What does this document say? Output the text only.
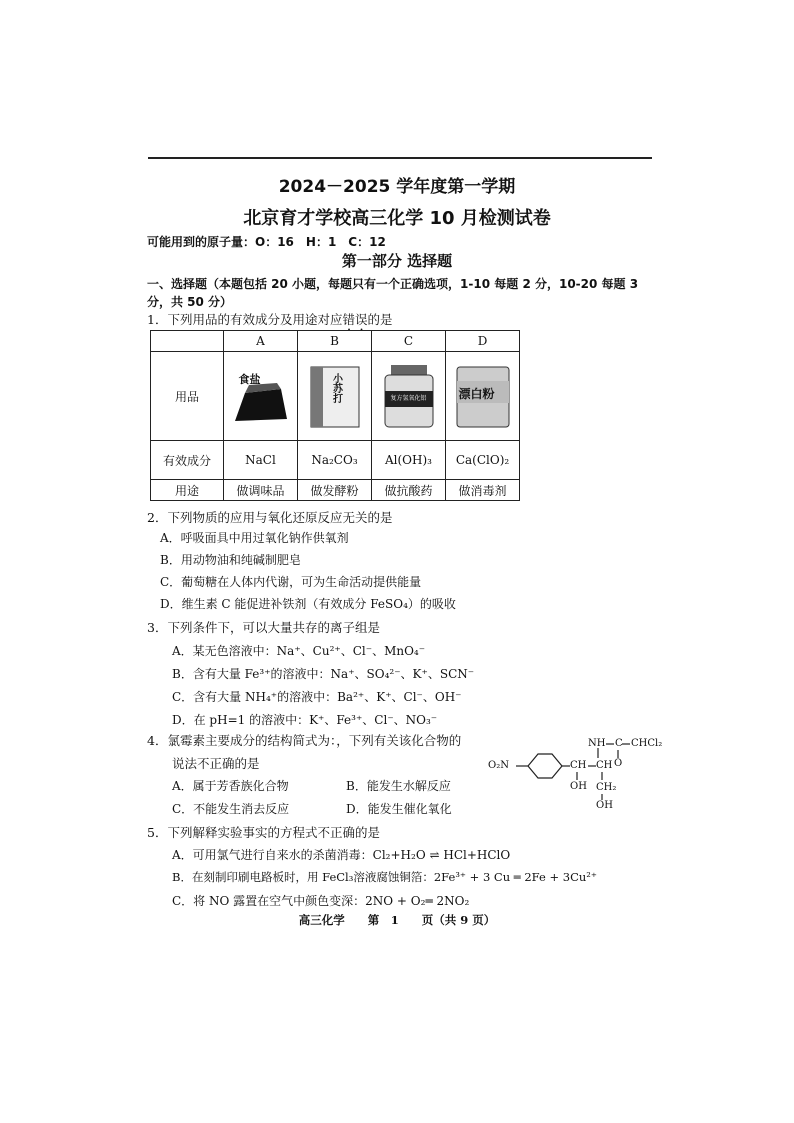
2024－2025 学年度第一学期
北京育才学校高三化学 10 月检测试卷
可能用到的原子量：O：16　H：1　C：12
第一部分 选择题
一、选择题（本题包括 20 小题，每题只有一个正确选项，1-10 每题 2 分，10-20 每题 3 分，共 50 分）
1．下列用品的有效成分及用途对应错误的是
	A	B	C	D
用品	食盐	小苏打	复方氢氧化铝	漂白粉

有效成分	NaCl	Na₂CO₃	Al(OH)₃	Ca(ClO)₂
用途	做调味品	做发酵粉	做抗酸药	做消毒剂
2．下列物质的应用与氧化还原反应无关的是
A．呼吸面具中用过氧化钠作供氧剂
B．用动物油和纯碱制肥皂
C．葡萄糖在人体内代谢，可为生命活动提供能量
D．维生素 C 能促进补铁剂（有效成分 FeSO₄）的吸收
3．下列条件下，可以大量共存的离子组是
A．某无色溶液中：Na⁺、Cu²⁺、Cl⁻、MnO₄⁻
B．含有大量 Fe³⁺的溶液中：Na⁺、SO₄²⁻、K⁺、SCN⁻
C．含有大量 NH₄⁺的溶液中：Ba²⁺、K⁺、Cl⁻、OH⁻
D．在 pH=1 的溶液中：K⁺、Fe³⁺、Cl⁻、NO₃⁻
4．氯霉素主要成分的结构简式为：，下列有关该化合物的
说法不正确的是
A．属于芳香族化合物	B．能发生水解反应
C．不能发生消去反应	D．能发生催化氧化
O₂N
NH C CHCl₂
O
CH CH
OH CH₂
OH
5．下列解释实验事实的方程式不正确的是
A．可用氯气进行自来水的杀菌消毒：Cl₂+H₂O ⇌ HCl+HClO
B．在刻制印刷电路板时，用 FeCl₃溶液腐蚀铜箔：2Fe³⁺ + 3 Cu ═ 2Fe + 3Cu²⁺
C．将 NO 露置在空气中颜色变深：2NO + O₂═ 2NO₂
高三化学　　第　1　　页（共 9 页）
